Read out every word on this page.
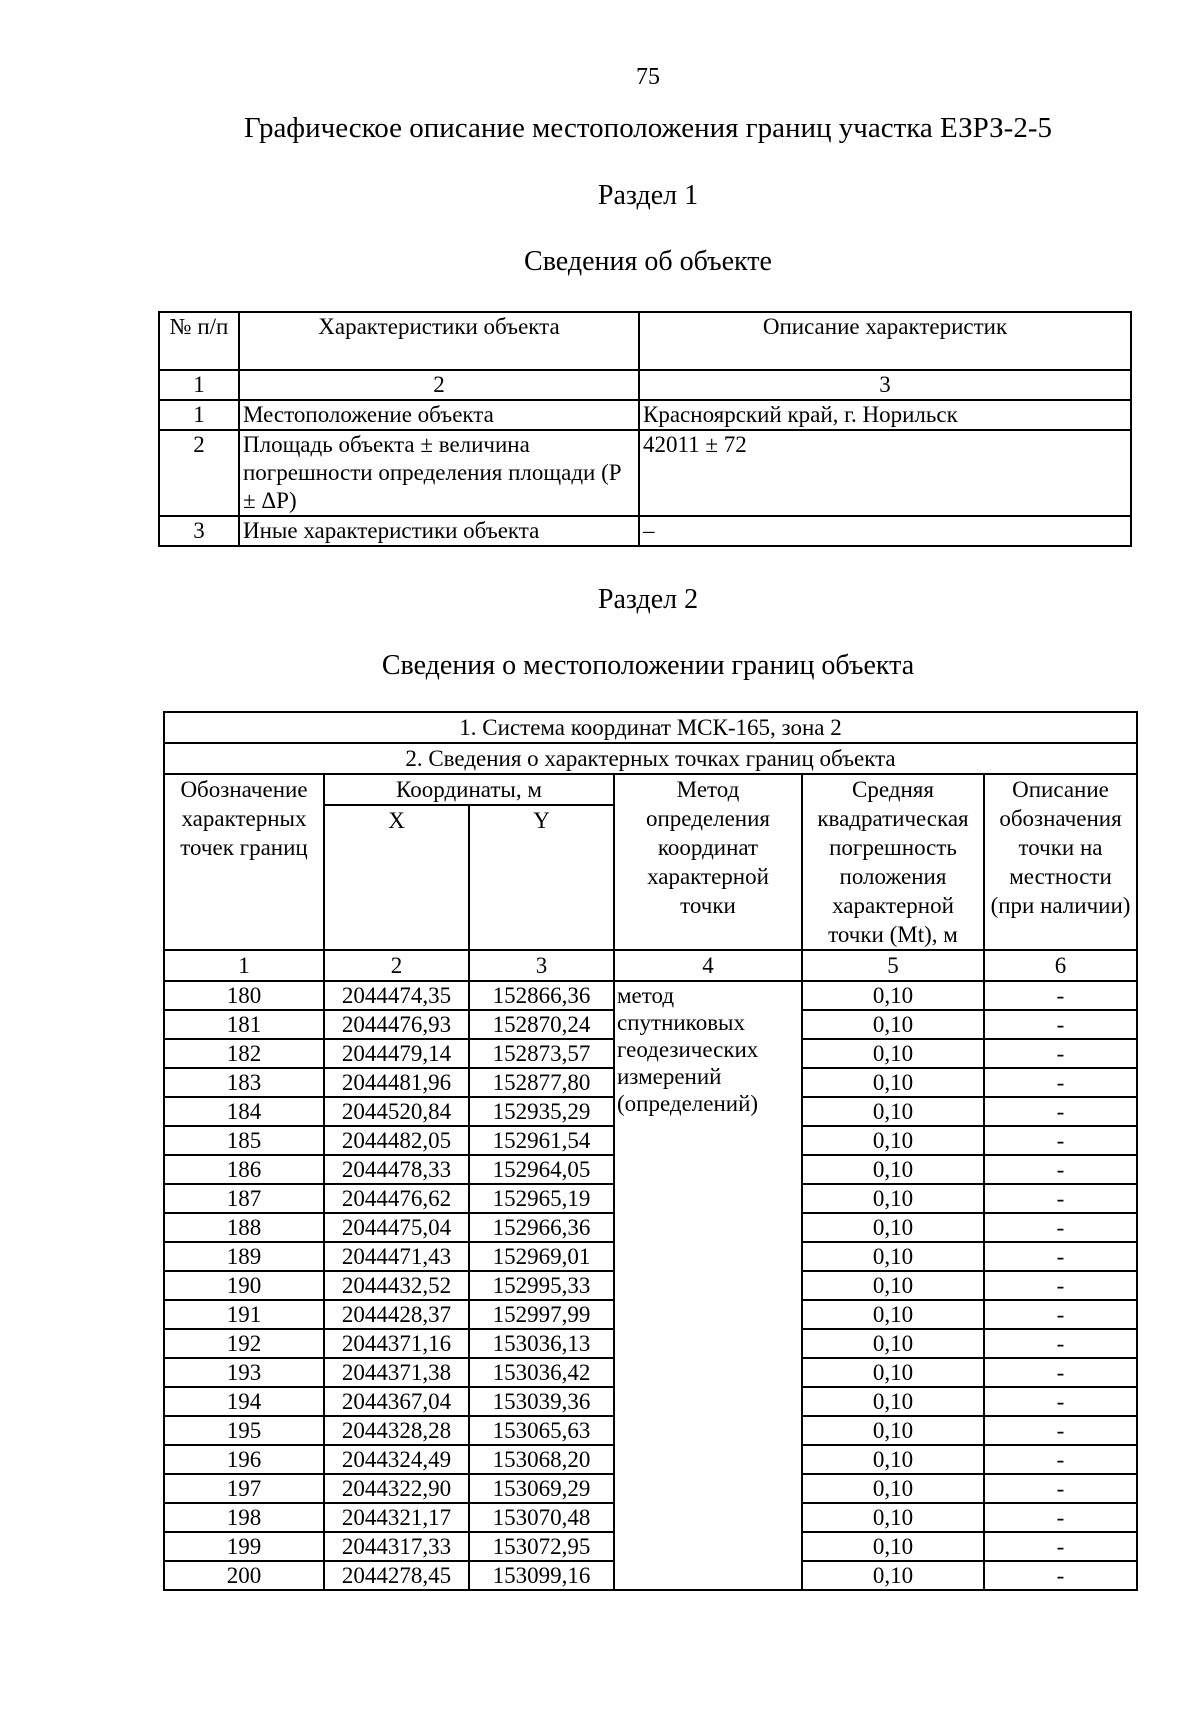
75
Графическое описание местоположения границ участка ЕЗРЗ-2-5
Раздел 1
Сведения об объекте
№ п/п	Характеристики объекта	Описание характеристик
1	2	3
1	Местоположение объекта	Красноярский край, г. Норильск
2	Площадь объекта ± величина погрешности определения площади (Р ± ΔР)	42011 ± 72
3	Иные характеристики объекта	–
Раздел 2
Сведения о местоположении границ объекта
1. Система координат МСК-165, зона 2					
2. Сведения о характерных точках границ объекта					
Обозначение характерных точек границ	Координаты, м		Метод определения координат характерной точки	Средняя квадратическая погрешность положения характерной точки (Mt), м	Описание обозначения точки на местности (при наличии)
	X	Y			
1	2	3	4	5	6
180	2044474,35	152866,36	метод спутниковых геодезических измерений (определений)	0,10	-
181	2044476,93	152870,24		0,10	-
182	2044479,14	152873,57		0,10	-
183	2044481,96	152877,80		0,10	-
184	2044520,84	152935,29		0,10	-
185	2044482,05	152961,54		0,10	-
186	2044478,33	152964,05		0,10	-
187	2044476,62	152965,19		0,10	-
188	2044475,04	152966,36		0,10	-
189	2044471,43	152969,01		0,10	-
190	2044432,52	152995,33		0,10	-
191	2044428,37	152997,99		0,10	-
192	2044371,16	153036,13		0,10	-
193	2044371,38	153036,42		0,10	-
194	2044367,04	153039,36		0,10	-
195	2044328,28	153065,63		0,10	-
196	2044324,49	153068,20		0,10	-
197	2044322,90	153069,29		0,10	-
198	2044321,17	153070,48		0,10	-
199	2044317,33	153072,95		0,10	-
200	2044278,45	153099,16		0,10	-
